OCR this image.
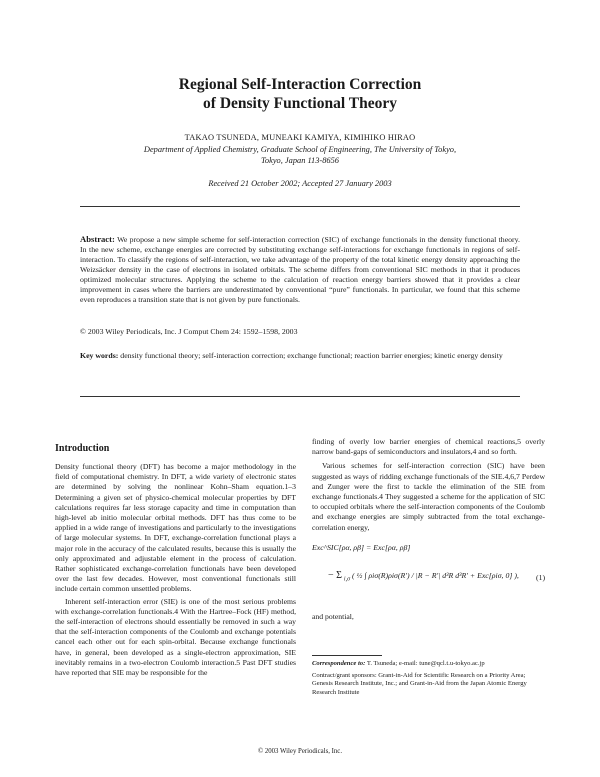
Regional Self-Interaction Correction
of Density Functional Theory
TAKAO TSUNEDA, MUNEAKI KAMIYA, KIMIHIKO HIRAO
Department of Applied Chemistry, Graduate School of Engineering, The University of Tokyo,
Tokyo, Japan 113-8656
Received 21 October 2002; Accepted 27 January 2003
Abstract: We propose a new simple scheme for self-interaction correction (SIC) of exchange functionals in the density functional theory. In the new scheme, exchange energies are corrected by substituting exchange self-interactions for exchange functionals in regions of self-interaction. To classify the regions of self-interaction, we take advantage of the property of the total kinetic energy density approaching the Weizsäcker density in the case of electrons in isolated orbitals. The scheme differs from conventional SIC methods in that it produces optimized molecular structures. Applying the scheme to the calculation of reaction energy barriers showed that it provides a clear improvement in cases where the barriers are underestimated by conventional “pure” functionals. In particular, we found that this scheme even reproduces a transition state that is not given by pure functionals.
© 2003 Wiley Periodicals, Inc. J Comput Chem 24: 1592–1598, 2003
Key words: density functional theory; self-interaction correction; exchange functional; reaction barrier energies; kinetic energy density
Introduction

Density functional theory (DFT) has become a major methodology in the field of computational chemistry. In DFT, a wide variety of electronic states are determined by solving the nonlinear Kohn–Sham equation.1–3 Determining a given set of physico-chemical molecular properties by DFT calculations requires far less storage capacity and time in computation than high-level ab initio molecular orbital methods. DFT has thus come to be applied in a wide range of investigations and particularly to the investigations of large molecular systems. In DFT, exchange-correlation functional plays a major role in the accuracy of the calculated results, because this is usually the only approximated and adjustable element in the process of calculation. Rather sophisticated exchange-correlation functionals have been developed over the last few decades. However, most conventional functionals still include certain common unsettled problems.

Inherent self-interaction error (SIE) is one of the most serious problems with exchange-correlation functionals.4 With the Hartree–Fock (HF) method, the self-interaction of electrons should essentially be removed in such a way that the self-interaction components of the Coulomb and exchange potentials cancel each other out for each spin-orbital. Because exchange functionals have, in general, been developed as a single-electron approximation, SIE inevitably remains in a two-electron Coulomb interaction.5 Past DFT studies have reported that SIE may be responsible for the

finding of overly low barrier energies of chemical reactions,5 overly narrow band-gaps of semiconductors and insulators,4 and so forth.

Various schemes for self-interaction correction (SIC) have been suggested as ways of ridding exchange functionals of the SIE.4,6,7 Perdew and Zunger were the first to tackle the elimination of the SIE from exchange functionals.4 They suggested a scheme for the application of SIC to occupied orbitals where the self-interaction components of the Coulomb and exchange energies are simply subtracted from the total exchange-correlation energy,

Exc^SIC[ρα, ρβ] = Exc[ρα, ρβ]
− Σ $_{i,\sigma}$ ( ½ ∫ ρiσ(R)ρiσ(R′) / |R − R′| d³R d³R′ + Exc[ρiσ, 0] ),	(1)
and potential,
Correspondence to: T. Tsuneda; e-mail: tune@qcl.t.u-tokyo.ac.jp
Contract/grant sponsors: Grant-in-Aid for Scientific Research on a Priority Area; Genesis Research Institute, Inc.; and Grant-in-Aid from the Japan Atomic Energy Research Institute
© 2003 Wiley Periodicals, Inc.
